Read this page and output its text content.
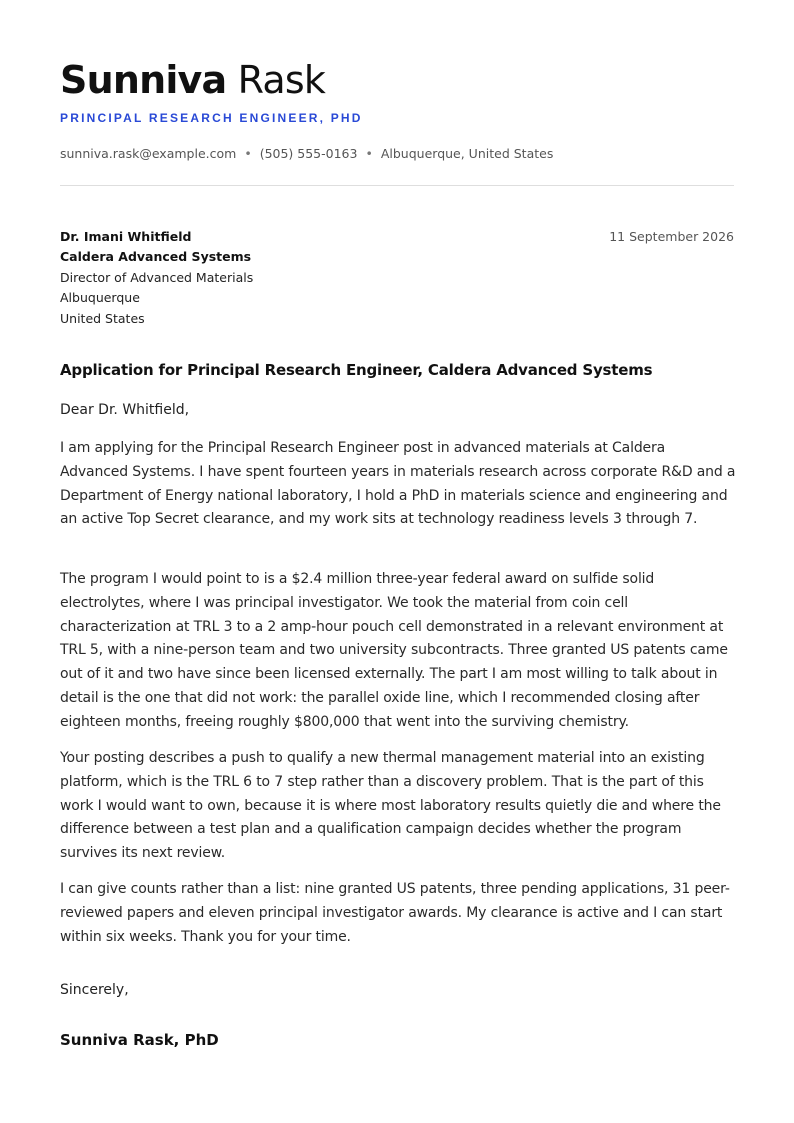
Sunniva Rask
PRINCIPAL RESEARCH ENGINEER, PHD
sunniva.rask@example.com • (505) 555-0163 • Albuquerque, United States
Dr. Imani Whitfield
Caldera Advanced Systems
Director of Advanced Materials
Albuquerque
United States
11 September 2026
Application for Principal Research Engineer, Caldera Advanced Systems
Dear Dr. Whitfield,

I am applying for the Principal Research Engineer post in advanced materials at Caldera Advanced Systems. I have spent fourteen years in materials research across corporate R&D and a Department of Energy national laboratory, I hold a PhD in materials science and engineering and an active Top Secret clearance, and my work sits at technology readiness levels 3 through 7.

The program I would point to is a $2.4 million three-year federal award on sulfide solid electrolytes, where I was principal investigator. We took the material from coin cell characterization at TRL 3 to a 2 amp-hour pouch cell demonstrated in a relevant environment at TRL 5, with a nine-person team and two university subcontracts. Three granted US patents came out of it and two have since been licensed externally. The part I am most willing to talk about in detail is the one that did not work: the parallel oxide line, which I recommended closing after eighteen months, freeing roughly $800,000 that went into the surviving chemistry.

Your posting describes a push to qualify a new thermal management material into an existing platform, which is the TRL 6 to 7 step rather than a discovery problem. That is the part of this work I would want to own, because it is where most laboratory results quietly die and where the difference between a test plan and a qualification campaign decides whether the program survives its next review.

I can give counts rather than a list: nine granted US patents, three pending applications, 31 peer-reviewed papers and eleven principal investigator awards. My clearance is active and I can start within six weeks. Thank you for your time.

Sincerely,
Sunniva Rask, PhD
